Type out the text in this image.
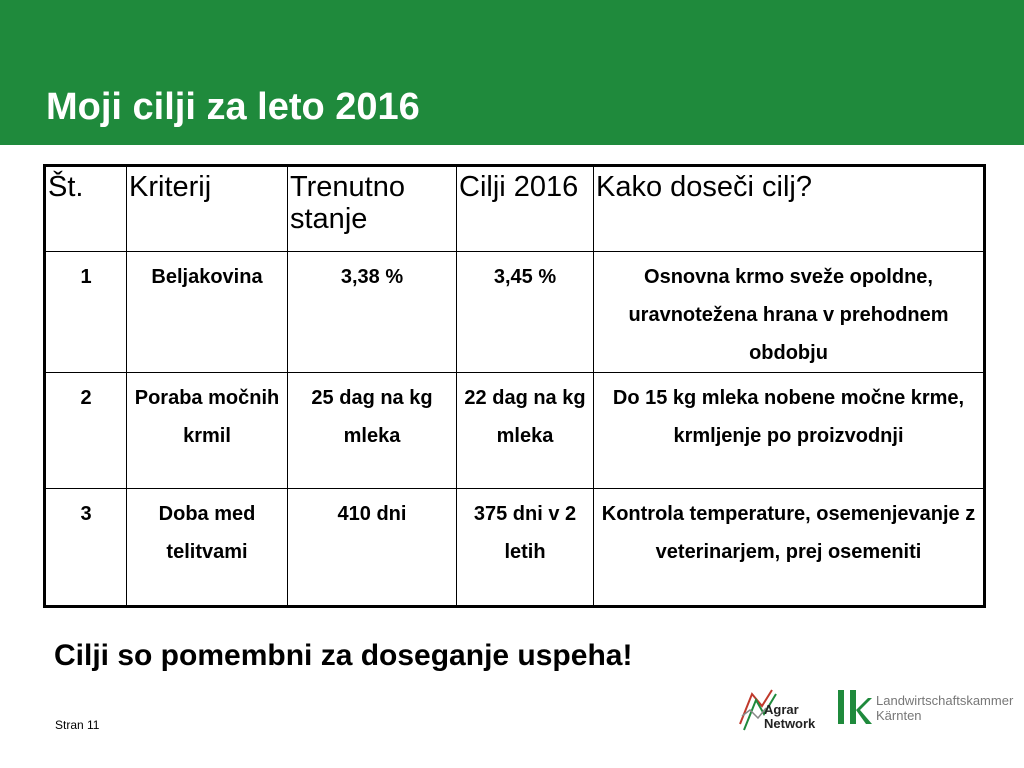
Moji cilji za leto 2016
Št.	Kriterij	Trenutno stanje	Cilji 2016	Kako doseči cilj?
1	Beljakovina	3,38 %	3,45 %	Osnovna krmo sveže opoldne, uravnotežena hrana v prehodnem obdobju
2	Poraba močnih krmil	25 dag na kg mleka	22 dag na kg mleka	Do 15 kg mleka nobene močne krme, krmljenje po proizvodnji
3	Doba med telitvami	410 dni	375 dni v 2 letih	Kontrola temperature, osemenjevanje z veterinarjem, prej osemeniti

Cilji so pomembni za doseganje uspeha!

Stran 11
Agrar
Network
Landwirtschaftskammer
Kärnten
